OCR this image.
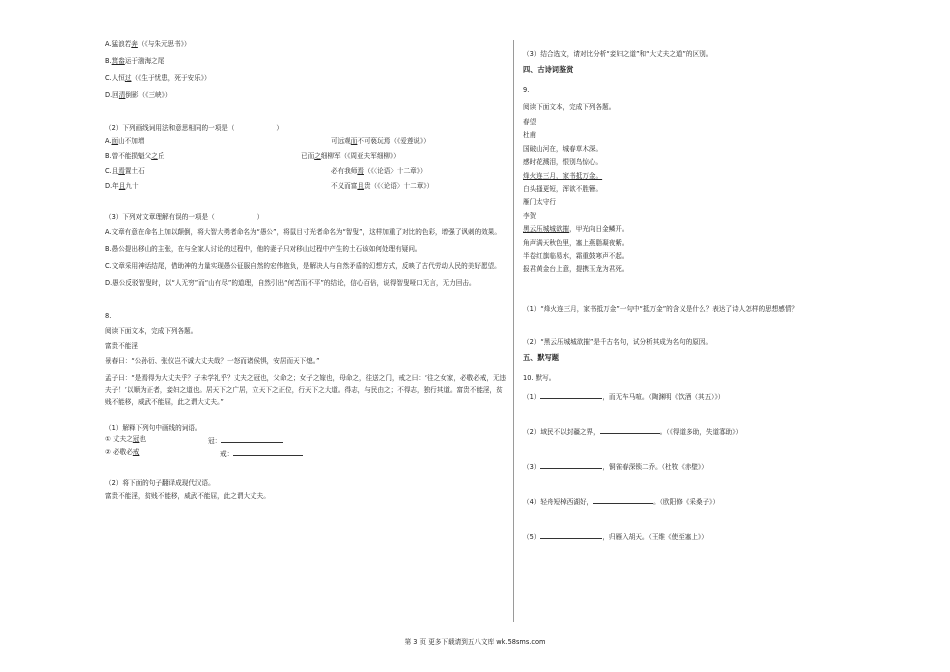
A.猛浪若奔（《与朱元思书》）
B.箕畚运于渤海之尾
C.人恒过（《生于忧患，死于安乐》）
D.回清倒影（《三峡》）
（2）下列画线词用法和意思相同的一项是（                    ）
A.面山不加增	可远观而不可亵玩焉（《爱莲说》）
B.曾不能损魁父之丘	已而之细柳军（《周亚夫军细柳》）
C.且焉置土石	必有我师焉（《〈论语〉十二章》）
D.年且九十	不义而富且贵（《〈论语〉十二章》）
（3）下列对文章理解有误的一项是（                    ）
A.文章有意在命名上加以颠倒，将大智大勇者命名为“愚公”，将鼠目寸光者命名为“智叟”，这样加重了对比的色彩，增强了讽刺的效果。
B.愚公提出移山的主张，在与全家人讨论的过程中，他的妻子只对移山过程中产生的土石该如何处理有疑问。
C.文章采用神话结尾，借助神的力量实现愚公征服自然的宏伟抱负，是解决人与自然矛盾的幻想方式，反映了古代劳动人民的美好愿望。
D.愚公反驳智叟时，以“人无穷”而“山有尽”的道理，自然引出“何苦而不平”的结论，信心百倍，说得智叟哑口无言，无力回击。
8.
阅读下面文本，完成下列各题。
富贵不能淫
景春曰：“公孙衍、张仪岂不诚大丈夫哉？一怒而诸侯惧，安居而天下熄。”
孟子曰：“是焉得为大丈夫乎？子未学礼乎？丈夫之冠也，父命之；女子之嫁也，母命之，往送之门，戒之曰：‘往之女家，必敬必戒，无违夫子！’以顺为正者，妾妇之道也。居天下之广居，立天下之正位，行天下之大道。得志，与民由之；不得志，独行其道。富贵不能淫，贫贱不能移，威武不能屈，此之谓大丈夫。”
（1）解释下列句中画线的词语。
① 丈夫之冠也	冠：
② 必敬必戒	戒：
（2）将下面的句子翻译成现代汉语。
富贵不能淫，贫贱不能移，威武不能屈，此之谓大丈夫。
（3）结合选文，请对比分析“妾妇之道”和“大丈夫之道”的区别。
四、古诗词鉴赏
9.
阅读下面文本，完成下列各题。
春望
杜甫
国破山河在，城春草木深。
感时花溅泪，恨别鸟惊心。
烽火连三月，家书抵万金。
白头搔更短，浑欲不胜簪。
雁门太守行
李贺
黑云压城城欲摧，甲光向日金鳞开。
角声满天秋色里，塞上燕脂凝夜紫。
半卷红旗临易水，霜重鼓寒声不起。
报君黄金台上意，提携玉龙为君死。
（1）“烽火连三月，家书抵万金”一句中“抵万金”的含义是什么？表达了诗人怎样的思想感情？
（2）“黑云压城城欲摧”是千古名句，试分析其成为名句的原因。
五、默写题
10. 默写。
（1）	，而无车马喧。（陶渊明《饮酒（其五）》）
（2）域民不以封疆之界，	。（《得道多助，失道寡助》）
（3）	，铜雀春深锁二乔。（杜牧《赤壁》）
（4）轻舟短棹西湖好，	。（欧阳修《采桑子》）
（5）	，归雁入胡天。（王维《使至塞上》）
第 3 页 更多下载请到五八文库 wk.58sms.com
